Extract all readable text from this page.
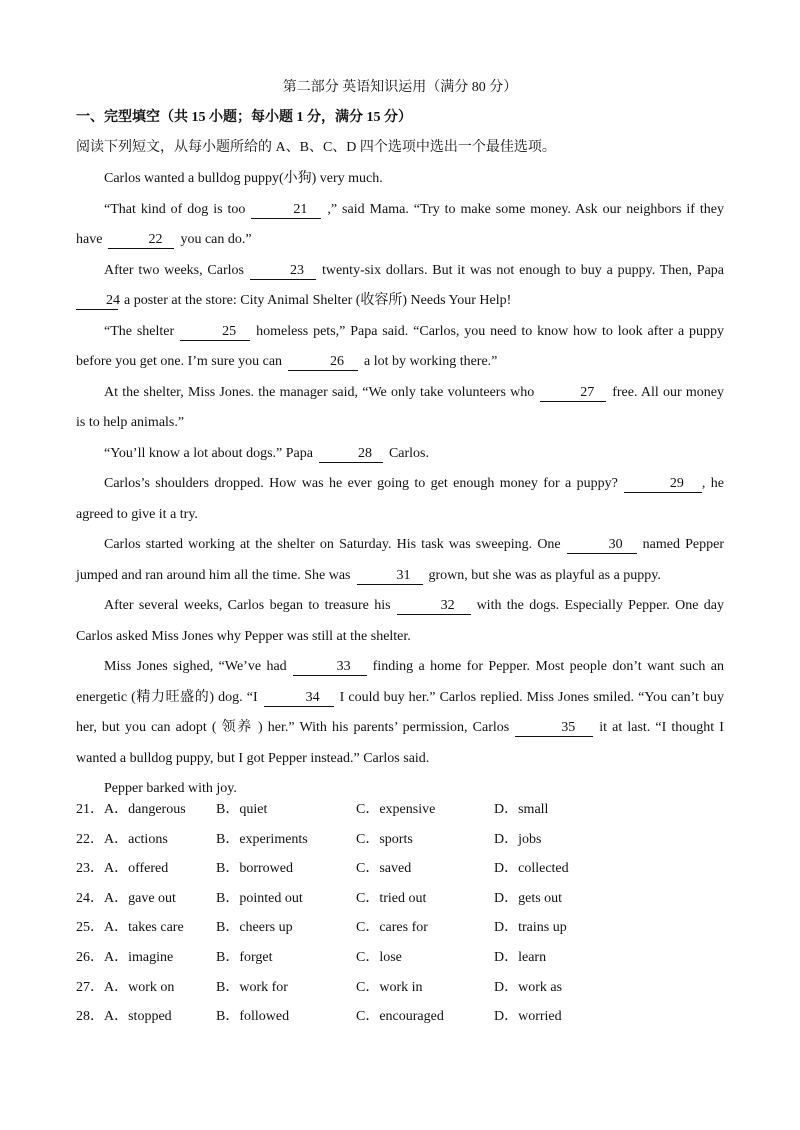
第二部分 英语知识运用（满分 80 分）
一、完型填空（共 15 小题；每小题 1 分，满分 15 分）
阅读下列短文，从每小题所给的 A、B、C、D 四个选项中选出一个最佳选项。

Carlos wanted a bulldog puppy(小狗) very much.

“That kind of dog is too	21 ,” said Mama. “Try to make some money. Ask our neighbors if they have	22 you can do.”

After two weeks, Carlos	23 twenty-six dollars. But it was not enough to buy a puppy. Then, Papa 24 a poster at the store: City Animal Shelter (收容所) Needs Your Help!

“The shelter	25 homeless pets,” Papa said. “Carlos, you need to know how to look after a puppy before you get one. I’m sure you can	26 a lot by working there.”

At the shelter, Miss Jones. the manager said, “We only take volunteers who	27 free. All our money is to help animals.”

“You’ll know a lot about dogs.” Papa	28 Carlos.

Carlos’s shoulders dropped. How was he ever going to get enough money for a puppy?	29 , he agreed to give it a try.

Carlos started working at the shelter on Saturday. His task was sweeping. One	30 named Pepper jumped and ran around him all the time. She was	31 grown, but she was as playful as a puppy.

After several weeks, Carlos began to treasure his	32 with the dogs. Especially Pepper. One day Carlos asked Miss Jones why Pepper was still at the shelter.

Miss Jones sighed, “We’ve had	33 finding a home for Pepper. Most people don’t want such an energetic (精力旺盛的) dog. “I	34 I could buy her.” Carlos replied. Miss Jones smiled. “You can’t buy her, but you can adopt ( 领养 ) her.” With his parents’ permission, Carlos	35 it at last. “I thought I wanted a bulldog puppy, but I got Pepper instead.” Carlos said.

Pepper barked with joy.

21．A．dangerous B．quiet	C．expensive	D．small
22．A．actions	B．experiments	C．sports	D．jobs
23．A．offered	B．borrowed	C．saved	D．collected
24．A．gave out	B．pointed out	C．tried out	D．gets out
25．A．takes care B．cheers up	C．cares for	D．trains up
26．A．imagine	B．forget	C．lose	D．learn
27．A．work on	B．work for	C．work in	D．work as
28．A．stopped	B．followed	C．encouraged	D．worried
